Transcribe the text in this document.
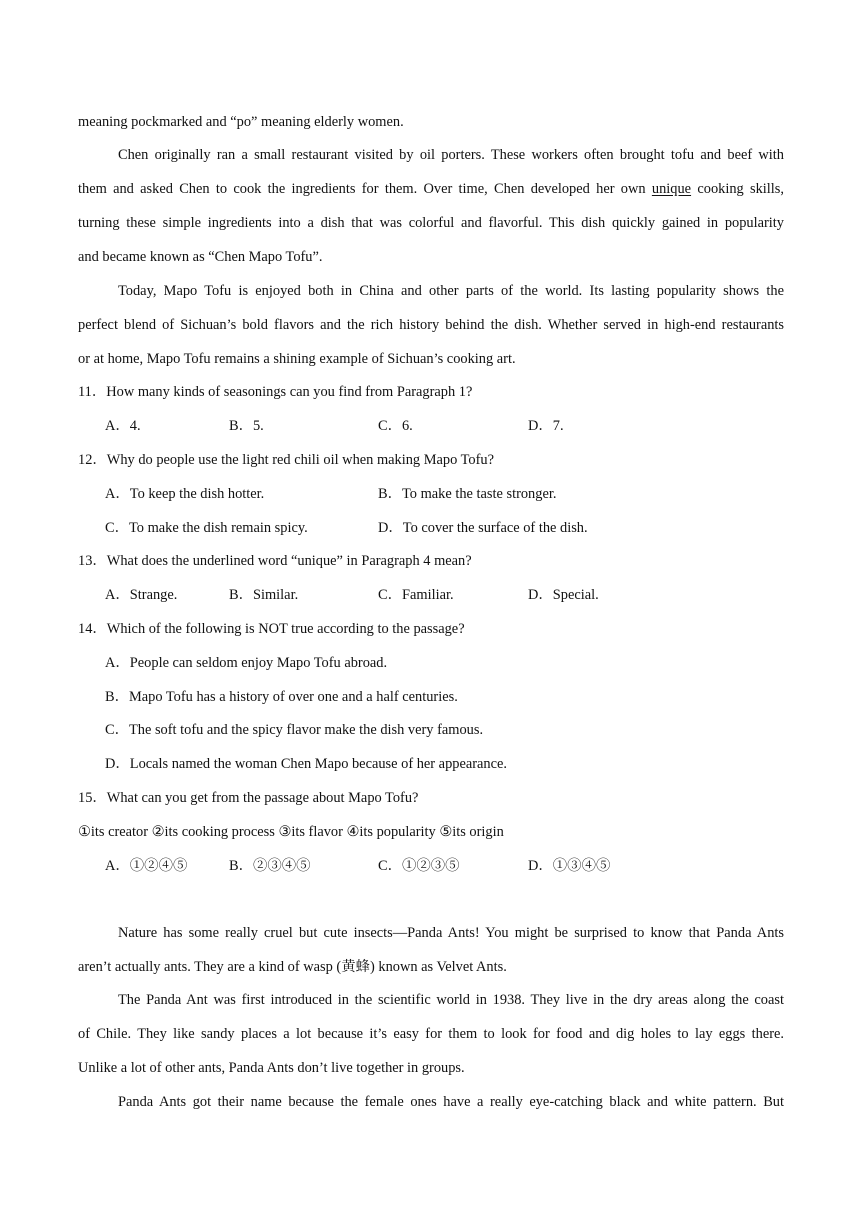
meaning pockmarked and “po” meaning elderly women.
Chen originally ran a small restaurant visited by oil porters. These workers often brought tofu and beef with
them and asked Chen to cook the ingredients for them. Over time, Chen developed her own unique cooking skills,
turning these simple ingredients into a dish that was colorful and flavorful. This dish quickly gained in popularity
and became known as “Chen Mapo Tofu”.
Today, Mapo Tofu is enjoyed both in China and other parts of the world. Its lasting popularity shows the
perfect blend of Sichuan’s bold flavors and the rich history behind the dish. Whether served in high-end restaurants
or at home, Mapo Tofu remains a shining example of Sichuan’s cooking art.
11．How many kinds of seasonings can you find from Paragraph 1?
A．4.	B．5.	C．6.	D．7.
12．Why do people use the light red chili oil when making Mapo Tofu?
A．To keep the dish hotter.	B．To make the taste stronger.
C．To make the dish remain spicy.	D．To cover the surface of the dish.
13．What does the underlined word “unique” in Paragraph 4 mean?
A．Strange.	B．Similar.	C．Familiar.	D．Special.
14．Which of the following is NOT true according to the passage?
A．People can seldom enjoy Mapo Tofu abroad.
B．Mapo Tofu has a history of over one and a half centuries.
C．The soft tofu and the spicy flavor make the dish very famous.
D．Locals named the woman Chen Mapo because of her appearance.
15．What can you get from the passage about Mapo Tofu?
①its creator ②its cooking process ③its flavor ④its popularity ⑤its origin
A．①②④⑤	B．②③④⑤	C．①②③⑤	D．①③④⑤
Nature has some really cruel but cute insects—Panda Ants! You might be surprised to know that Panda Ants
aren’t actually ants. They are a kind of wasp (黄蜂) known as Velvet Ants.
The Panda Ant was first introduced in the scientific world in 1938. They live in the dry areas along the coast
of Chile. They like sandy places a lot because it’s easy for them to look for food and dig holes to lay eggs there.
Unlike a lot of other ants, Panda Ants don’t live together in groups.
Panda Ants got their name because the female ones have a really eye-catching black and white pattern. But
